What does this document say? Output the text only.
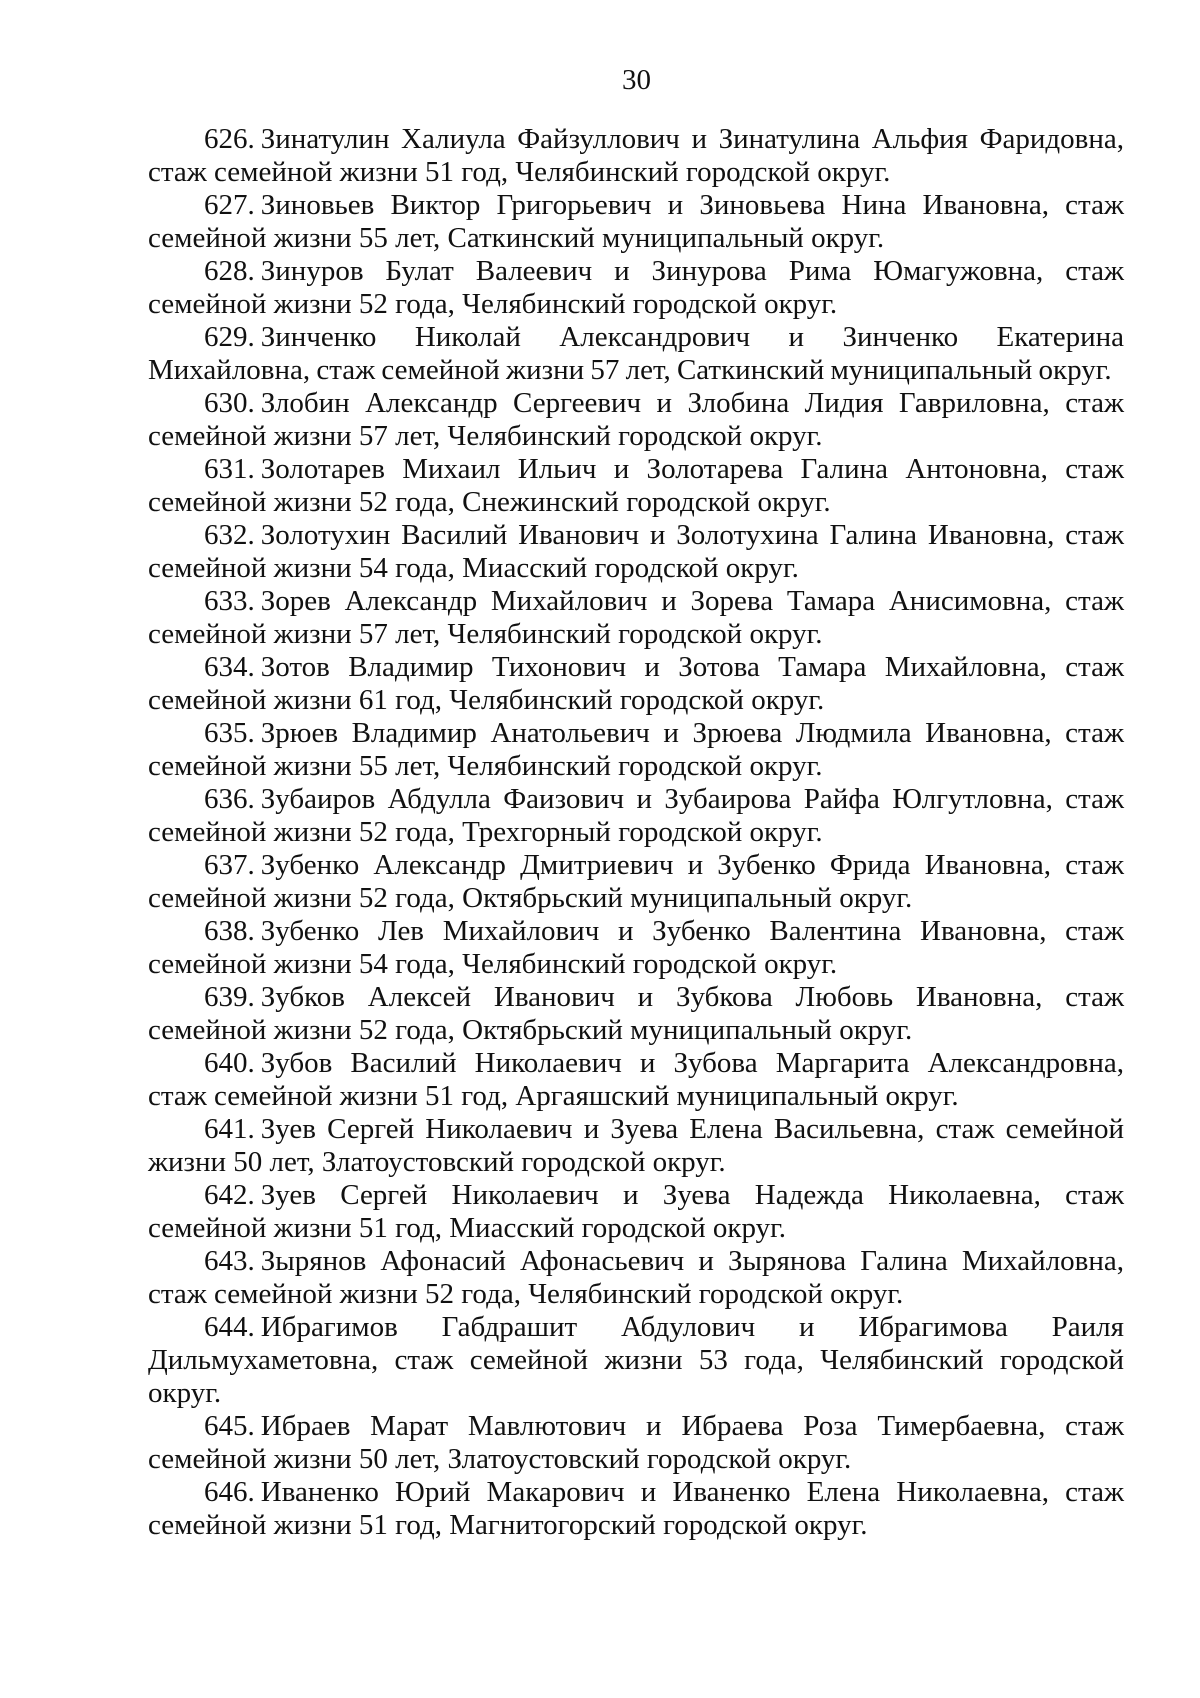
30

626. Зинатулин Халиула Файзуллович и Зинатулина Альфия Фаридовна, стаж семейной жизни 51 год, Челябинский городской округ.

627. Зиновьев Виктор Григорьевич и Зиновьева Нина Ивановна, стаж семейной жизни 55 лет, Саткинский муниципальный округ.

628. Зинуров Булат Валеевич и Зинурова Рима Юмагужовна, стаж семейной жизни 52 года, Челябинский городской округ.

629. Зинченко Николай Александрович и Зинченко Екатерина Михайловна, стаж семейной жизни 57 лет, Саткинский муниципальный округ.

630. Злобин Александр Сергеевич и Злобина Лидия Гавриловна, стаж семейной жизни 57 лет, Челябинский городской округ.

631. Золотарев Михаил Ильич и Золотарева Галина Антоновна, стаж семейной жизни 52 года, Снежинский городской округ.

632. Золотухин Василий Иванович и Золотухина Галина Ивановна, стаж семейной жизни 54 года, Миасский городской округ.

633. Зорев Александр Михайлович и Зорева Тамара Анисимовна, стаж семейной жизни 57 лет, Челябинский городской округ.

634. Зотов Владимир Тихонович и Зотова Тамара Михайловна, стаж семейной жизни 61 год, Челябинский городской округ.

635. Зрюев Владимир Анатольевич и Зрюева Людмила Ивановна, стаж семейной жизни 55 лет, Челябинский городской округ.

636. Зубаиров Абдулла Фаизович и Зубаирова Райфа Юлгутловна, стаж семейной жизни 52 года, Трехгорный городской округ.

637. Зубенко Александр Дмитриевич и Зубенко Фрида Ивановна, стаж семейной жизни 52 года, Октябрьский муниципальный округ.

638. Зубенко Лев Михайлович и Зубенко Валентина Ивановна, стаж семейной жизни 54 года, Челябинский городской округ.

639. Зубков Алексей Иванович и Зубкова Любовь Ивановна, стаж семейной жизни 52 года, Октябрьский муниципальный округ.

640. Зубов Василий Николаевич и Зубова Маргарита Александровна, стаж семейной жизни 51 год, Аргаяшский муниципальный округ.

641. Зуев Сергей Николаевич и Зуева Елена Васильевна, стаж семейной жизни 50 лет, Златоустовский городской округ.

642. Зуев Сергей Николаевич и Зуева Надежда Николаевна, стаж семейной жизни 51 год, Миасский городской округ.

643. Зырянов Афонасий Афонасьевич и Зырянова Галина Михайловна, стаж семейной жизни 52 года, Челябинский городской округ.

644. Ибрагимов Габдрашит Абдулович и Ибрагимова Раиля Дильмухаметовна, стаж семейной жизни 53 года, Челябинский городской округ.

645. Ибраев Марат Мавлютович и Ибраева Роза Тимербаевна, стаж семейной жизни 50 лет, Златоустовский городской округ.

646. Иваненко Юрий Макарович и Иваненко Елена Николаевна, стаж семейной жизни 51 год, Магнитогорский городской округ.
